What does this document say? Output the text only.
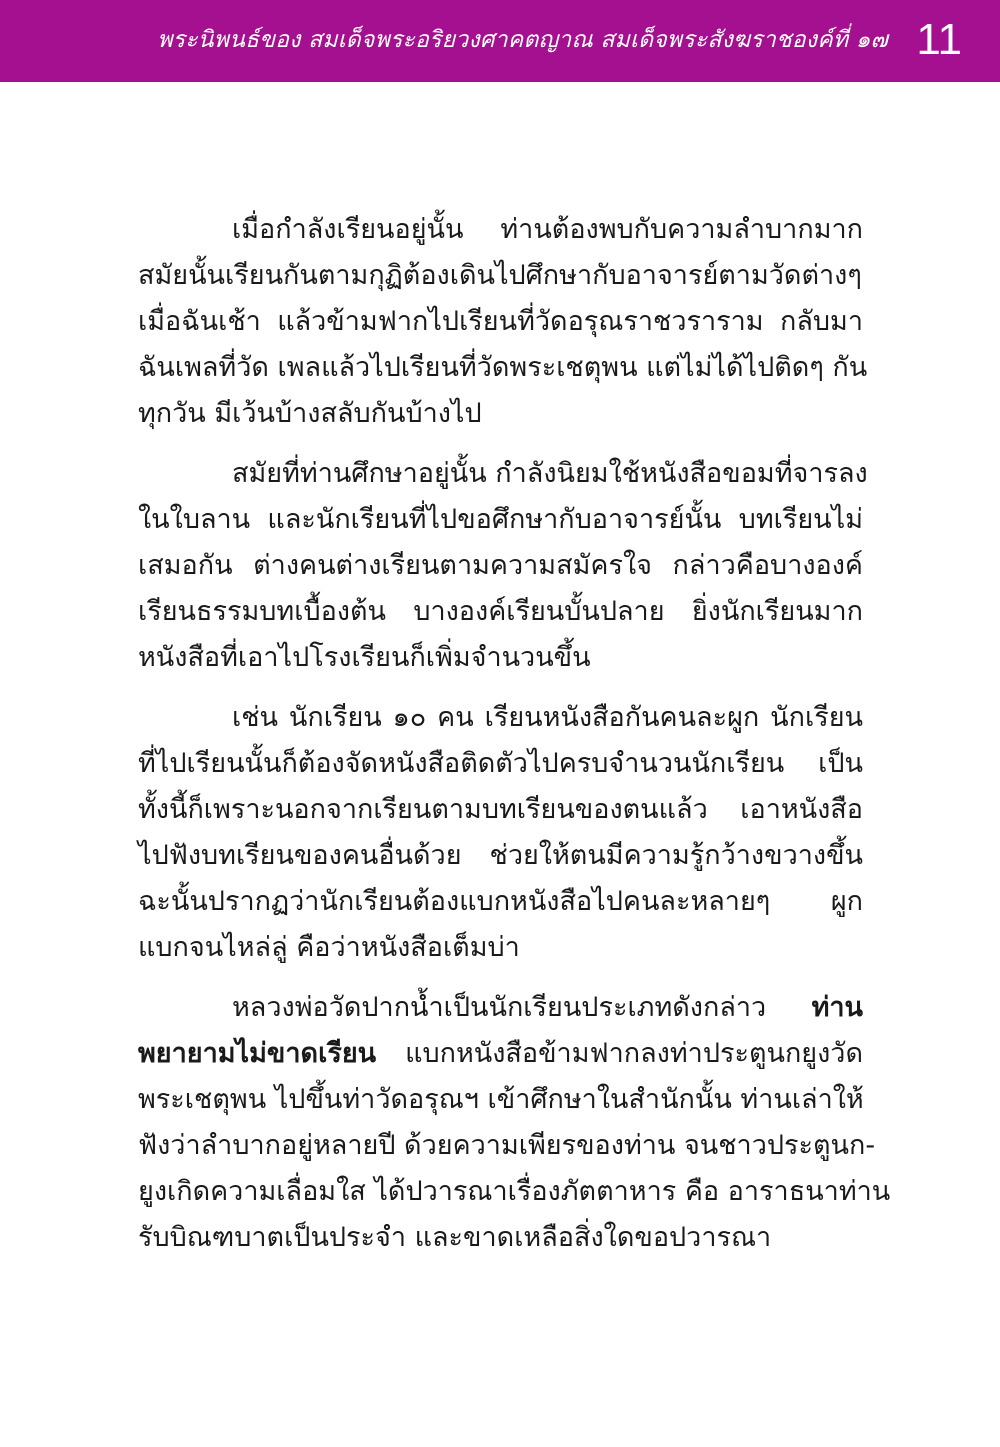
พระนิพนธ์ของ สมเด็จพระอริยวงศาคตญาณ สมเด็จพระสังฆราชองค์ที่ ๑๗ 11
เมื่อกำลังเรียนอยู่นั้น ท่านต้องพบกับความลำบากมาก
สมัยนั้นเรียนกันตามกุฏิต้องเดินไปศึกษากับอาจารย์ตามวัดต่างๆ
เมื่อฉันเช้า แล้วข้ามฟากไปเรียนที่วัดอรุณราชวราราม กลับมา
ฉันเพลที่วัด เพลแล้วไปเรียนที่วัดพระเชตุพน แต่ไม่ได้ไปติดๆ กัน
ทุกวัน มีเว้นบ้างสลับกันบ้างไป
สมัยที่ท่านศึกษาอยู่นั้น กำลังนิยมใช้หนังสือขอมที่จารลง
ในใบลาน และนักเรียนที่ไปขอศึกษากับอาจารย์นั้น บทเรียนไม่
เสมอกัน ต่างคนต่างเรียนตามความสมัครใจ กล่าวคือบางองค์
เรียนธรรมบทเบื้องต้น บางองค์เรียนบั้นปลาย ยิ่งนักเรียนมาก
หนังสือที่เอาไปโรงเรียนก็เพิ่มจำนวนขึ้น
เช่น นักเรียน ๑๐ คน เรียนหนังสือกันคนละผูก นักเรียน
ที่ไปเรียนนั้นก็ต้องจัดหนังสือติดตัวไปครบจำนวนนักเรียน เป็น
ทั้งนี้ก็เพราะนอกจากเรียนตามบทเรียนของตนแล้ว เอาหนังสือ
ไปฟังบทเรียนของคนอื่นด้วย ช่วยให้ตนมีความรู้กว้างขวางขึ้น
ฉะนั้นปรากฏว่านักเรียนต้องแบกหนังสือไปคนละหลายๆ ผูก
แบกจนไหล่ลู่ คือว่าหนังสือเต็มบ่า
หลวงพ่อวัดปากน้ำเป็นนักเรียนประเภทดังกล่าว ท่าน
พยายามไม่ขาดเรียน แบกหนังสือข้ามฟากลงท่าประตูนกยูงวัด
พระเชตุพน ไปขึ้นท่าวัดอรุณฯ เข้าศึกษาในสำนักนั้น ท่านเล่าให้
ฟังว่าลำบากอยู่หลายปี ด้วยความเพียรของท่าน จนชาวประตูนก-
ยูงเกิดความเลื่อมใส ได้ปวารณาเรื่องภัตตาหาร คือ อาราธนาท่าน
รับบิณฑบาตเป็นประจำ และขาดเหลือสิ่งใดขอปวารณา
